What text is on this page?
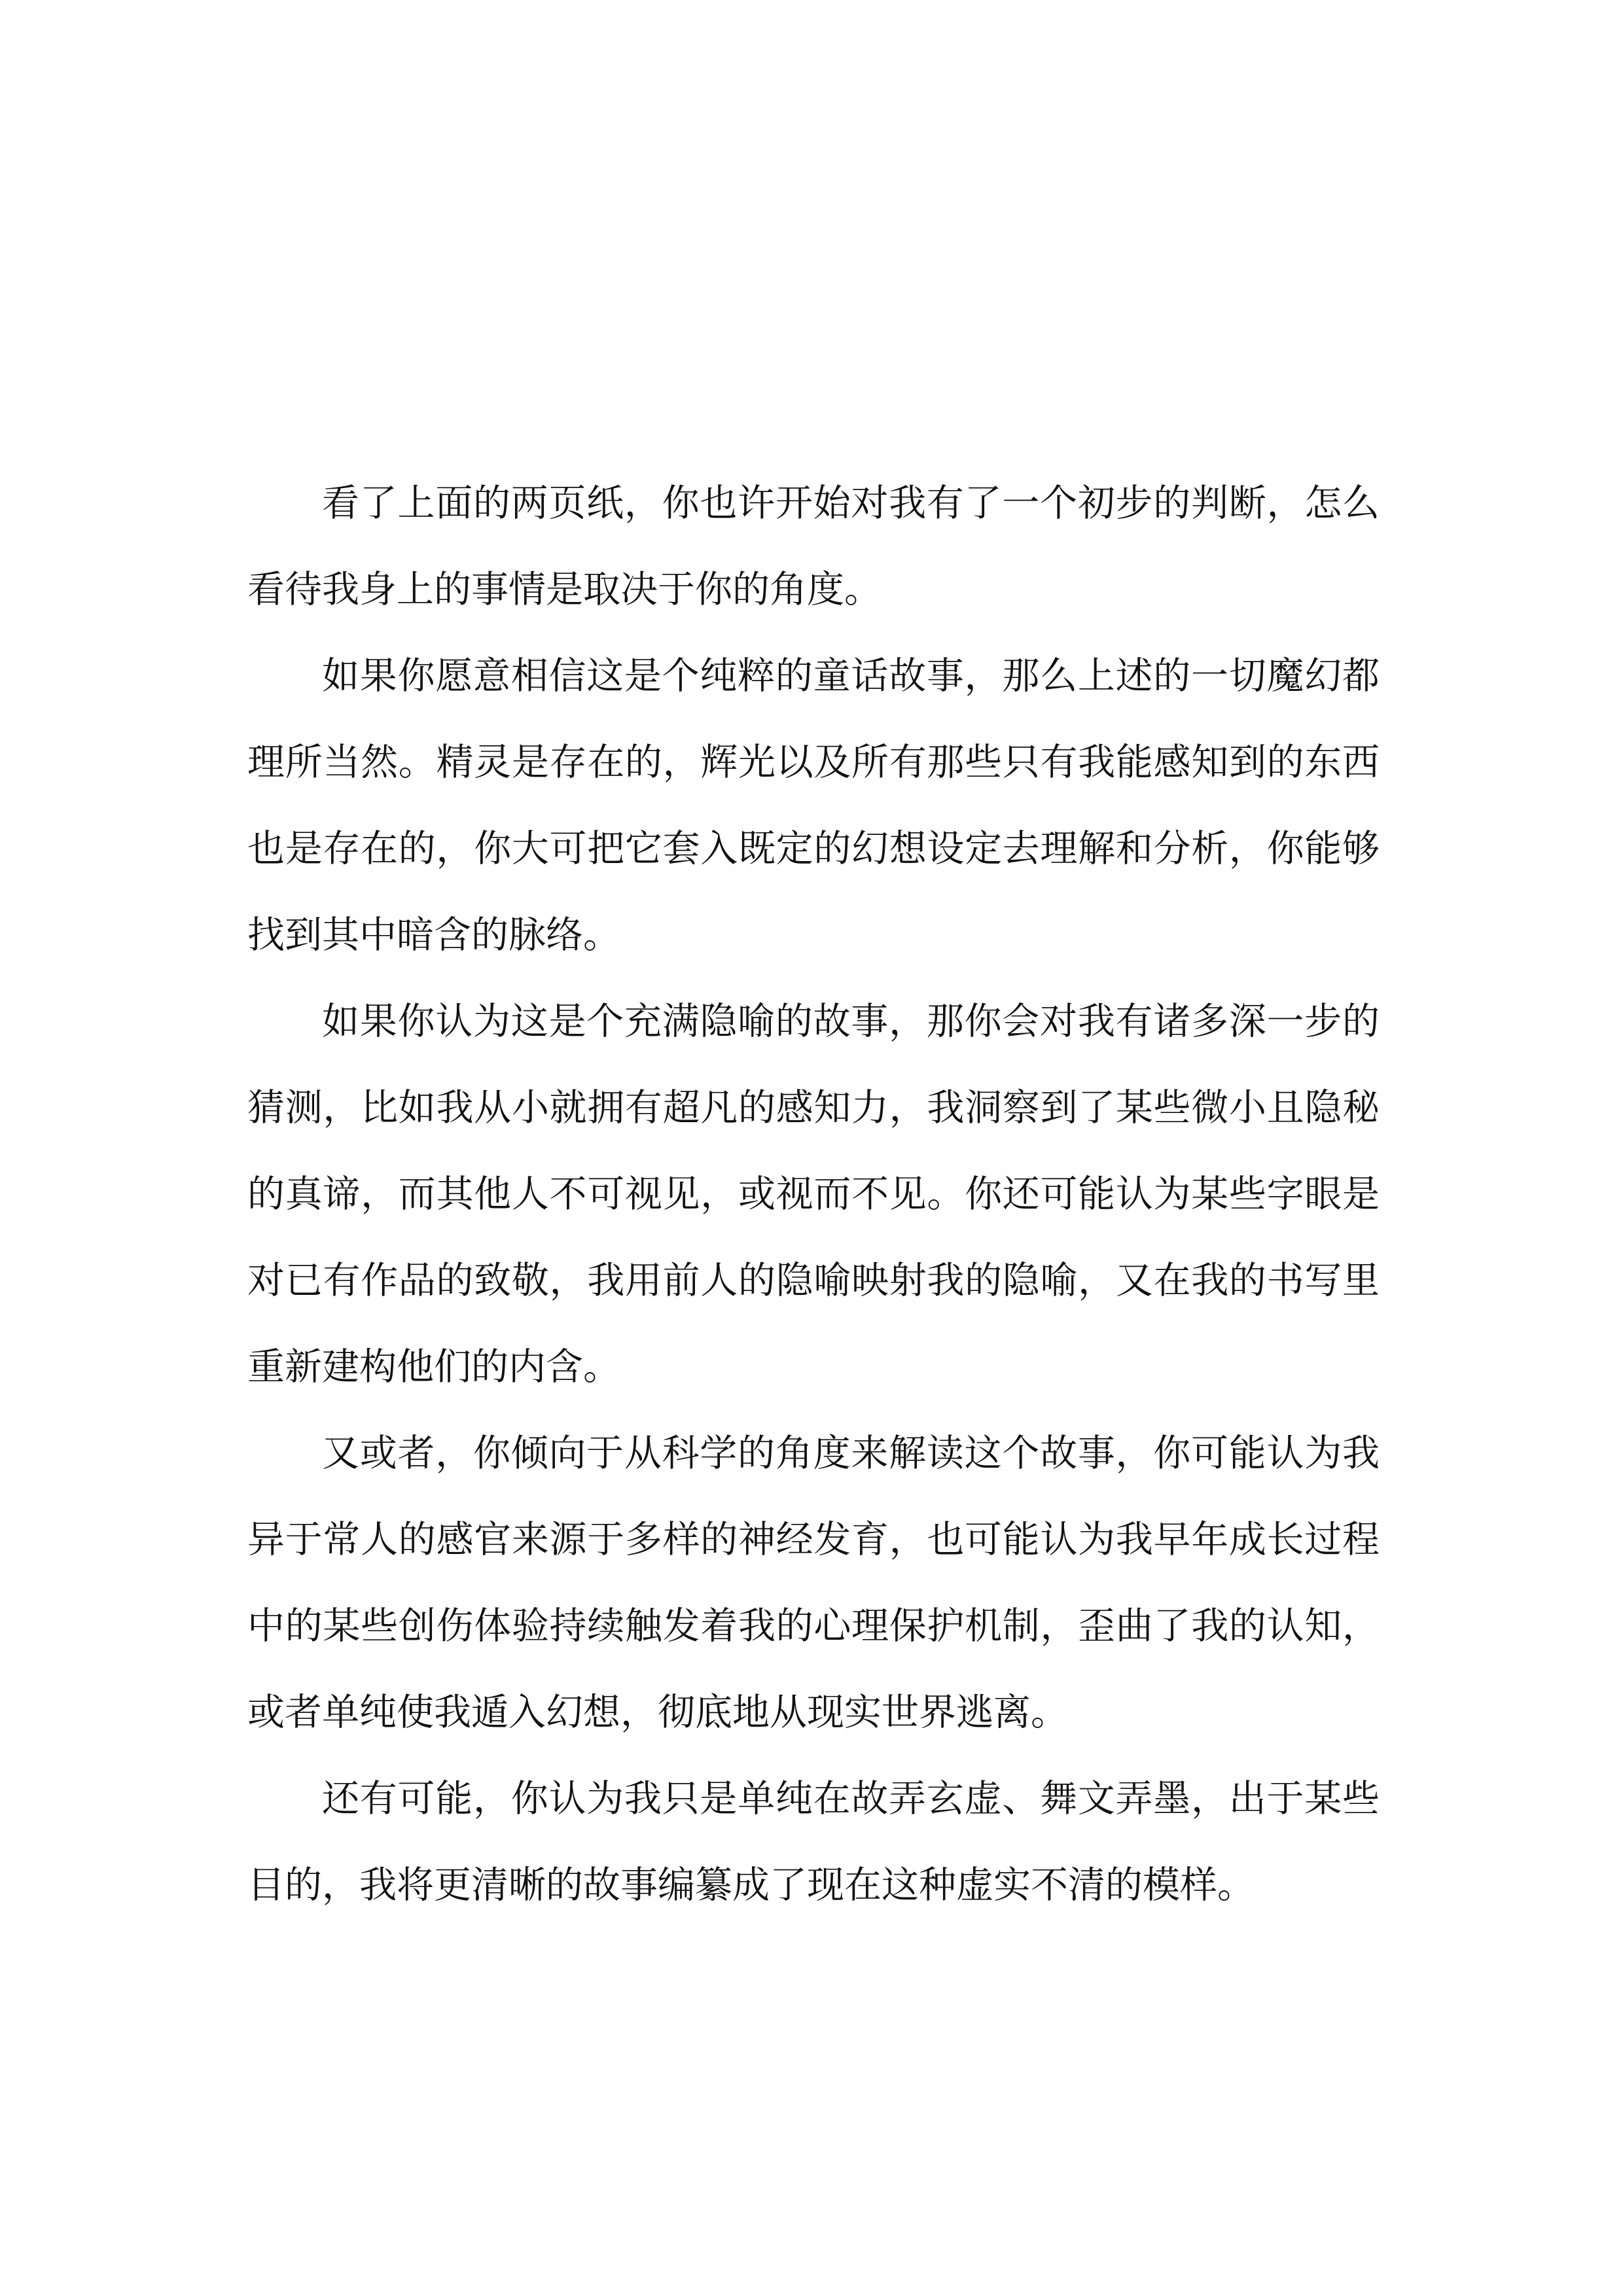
看了上面的两页纸，你也许开始对我有了一个初步的判断，怎么看待我身上的事情是取决于你的角度。

如果你愿意相信这是个纯粹的童话故事，那么上述的一切魔幻都理所当然。精灵是存在的，辉光以及所有那些只有我能感知到的东西也是存在的，你大可把它套入既定的幻想设定去理解和分析，你能够找到其中暗含的脉络。

如果你认为这是个充满隐喻的故事，那你会对我有诸多深一步的猜测，比如我从小就拥有超凡的感知力，我洞察到了某些微小且隐秘的真谛，而其他人不可视见，或视而不见。你还可能认为某些字眼是对已有作品的致敬，我用前人的隐喻映射我的隐喻，又在我的书写里重新建构他们的内含。

又或者，你倾向于从科学的角度来解读这个故事，你可能认为我异于常人的感官来源于多样的神经发育，也可能认为我早年成长过程中的某些创伤体验持续触发着我的心理保护机制，歪曲了我的认知，或者单纯使我遁入幻想，彻底地从现实世界逃离。

还有可能，你认为我只是单纯在故弄玄虚、舞文弄墨，出于某些目的，我将更清晰的故事编纂成了现在这种虚实不清的模样。
